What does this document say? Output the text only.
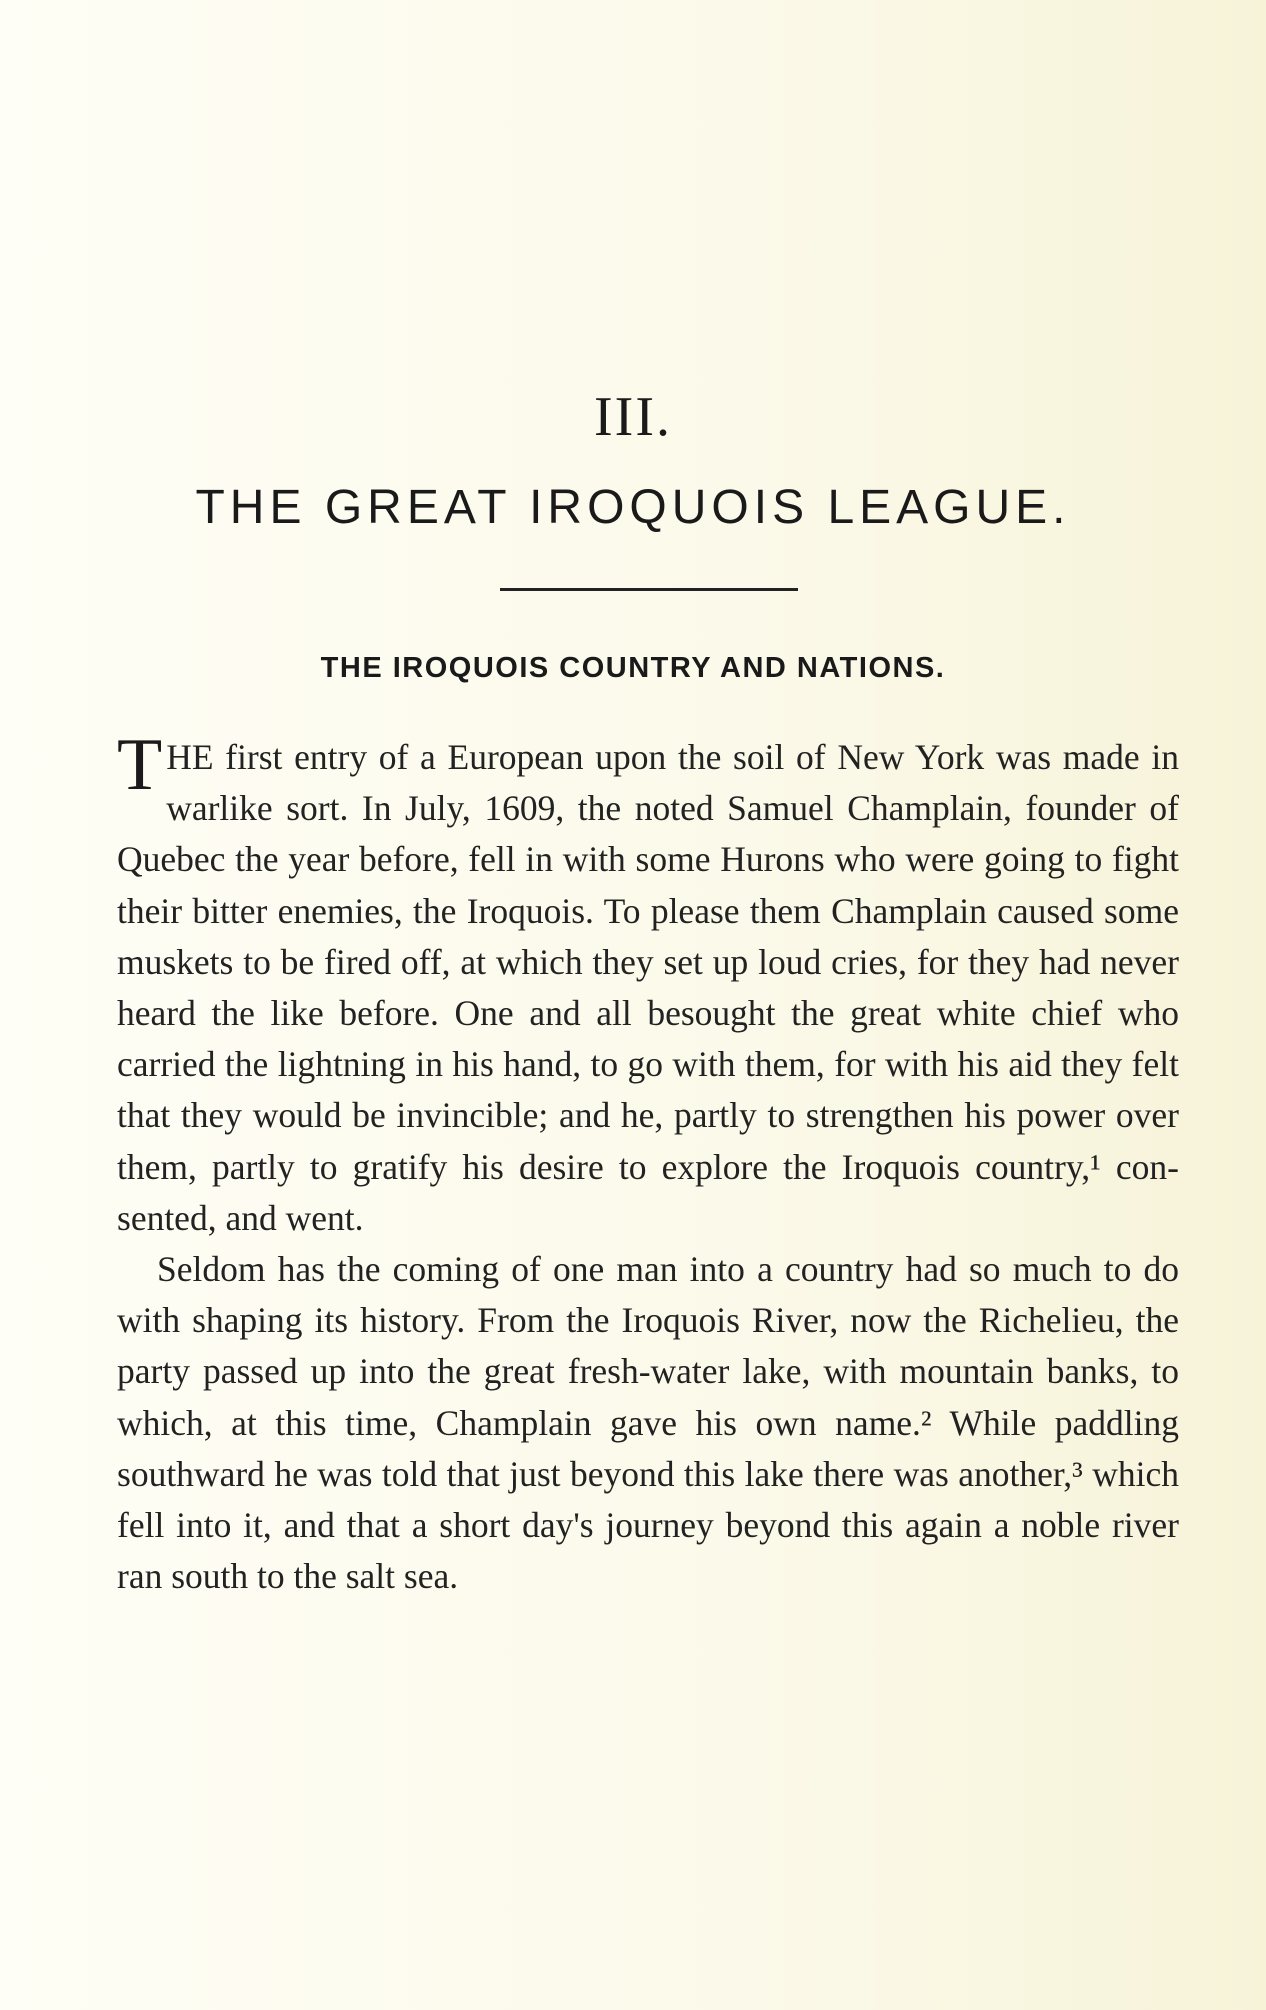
III.
THE GREAT IROQUOIS LEAGUE.
THE IROQUOIS COUNTRY AND NATIONS.

THE first entry of a European upon the soil of New York was made in warlike sort. In July, 1609, the noted Samuel Champlain, founder of Quebec the year before, fell in with some Hurons who were going to fight their bitter enemies, the Iroquois. To please them Champlain caused some muskets to be fired off, at which they set up loud cries, for they had never heard the like before. One and all besought the great white chief who carried the lightning in his hand, to go with them, for with his aid they felt that they would be invincible; and he, partly to strengthen his power over them, partly to gratify his desire to explore the Iroquois country,¹ consented, and went.

Seldom has the coming of one man into a country had so much to do with shaping its history. From the Iroquois River, now the Richelieu, the party passed up into the great fresh-water lake, with mountain banks, to which, at this time, Champlain gave his own name.² While paddling southward he was told that just beyond this lake there was another,³ which fell into it, and that a short day's journey beyond this again a noble river ran south to the salt sea.
